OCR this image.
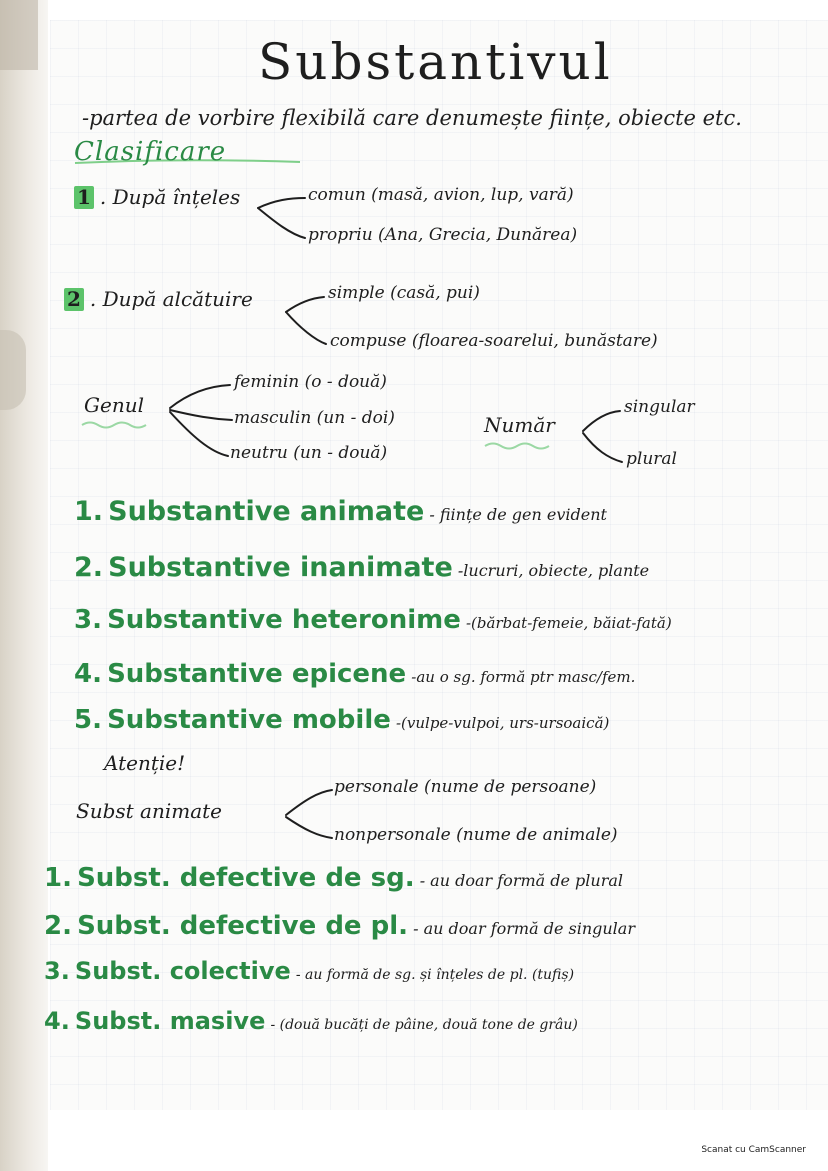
Substantivul
-partea de vorbire flexibilă care denumește ființe, obiecte etc.
Clasificare
1 . După înțeles	comun (masă, avion, lup, vară)
propriu (Ana, Grecia, Dunărea)
2 . După alcătuire	simple (casă, pui)
compuse (floarea-soarelui, bunăstare)
Genul
feminin (o - două)
masculin (un - doi)
neutru (un - două)
Număr
singular
plural
1. Substantive animate - ființe de gen evident
2. Substantive inanimate -lucruri, obiecte, plante
3. Substantive heteronime -(bărbat-femeie, băiat-fată)
4. Substantive epicene -au o sg. formă ptr masc/fem.
5. Substantive mobile -(vulpe-vulpoi, urs-ursoaică)
Atenție!
Subst animate
personale (nume de persoane)
nonpersonale (nume de animale)
1. Subst. defective de sg. - au doar formă de plural
2. Subst. defective de pl. - au doar formă de singular
3. Subst. colective - au formă de sg. și înțeles de pl. (tufiș)
4. Subst. masive - (două bucăți de pâine, două tone de grâu)
Scanat cu CamScanner
